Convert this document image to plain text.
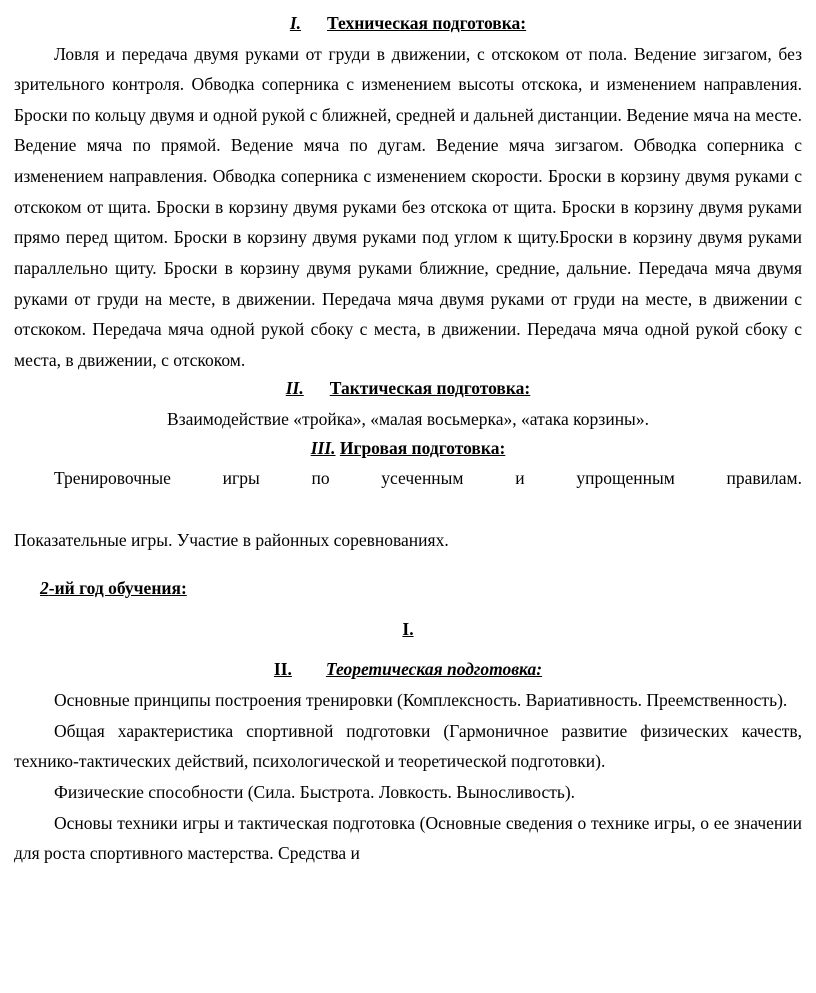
I. Техническая подготовка:

Ловля и передача двумя руками от груди в движении, с отскоком от пола. Ведение зигзагом, без зрительного контроля. Обводка соперника с изменением высоты отскока, и изменением направления. Броски по кольцу двумя и одной рукой с ближней, средней и дальней дистанции. Ведение мяча на месте. Ведение мяча по прямой. Ведение мяча по дугам. Ведение мяча зигзагом. Обводка соперника с изменением направления. Обводка соперника с изменением скорости. Броски в корзину двумя руками с отскоком от щита. Броски в корзину двумя руками без отскока от щита. Броски в корзину двумя руками прямо перед щитом. Броски в корзину двумя руками под углом к щиту.Броски в корзину двумя руками параллельно щиту. Броски в корзину двумя руками ближние, средние, дальние. Передача мяча двумя руками от груди на месте, в движении. Передача мяча двумя руками от груди на месте, в движении с отскоком. Передача мяча одной рукой сбоку с места, в движении. Передача мяча одной рукой сбоку с места, в движении, с отскоком.

II. Тактическая подготовка:

Взаимодействие «тройка», «малая восьмерка», «атака корзины».

III. Игровая подготовка:

Тренировочные игры по усеченным и упрощенным правилам.

Показательные игры. Участие в районных соревнованиях.

2-ий год обучения:

I.

II. Теоретическая подготовка:

Основные принципы построения тренировки (Комплексность. Вариативность. Преемственность).

Общая характеристика спортивной подготовки (Гармоничное развитие физических качеств, технико-тактических действий, психологической и теоретической подготовки).

Физические способности (Сила. Быстрота. Ловкость. Выносливость).

Основы техники игры и тактическая подготовка (Основные сведения о технике игры, о ее значении для роста спортивного мастерства. Средства и
